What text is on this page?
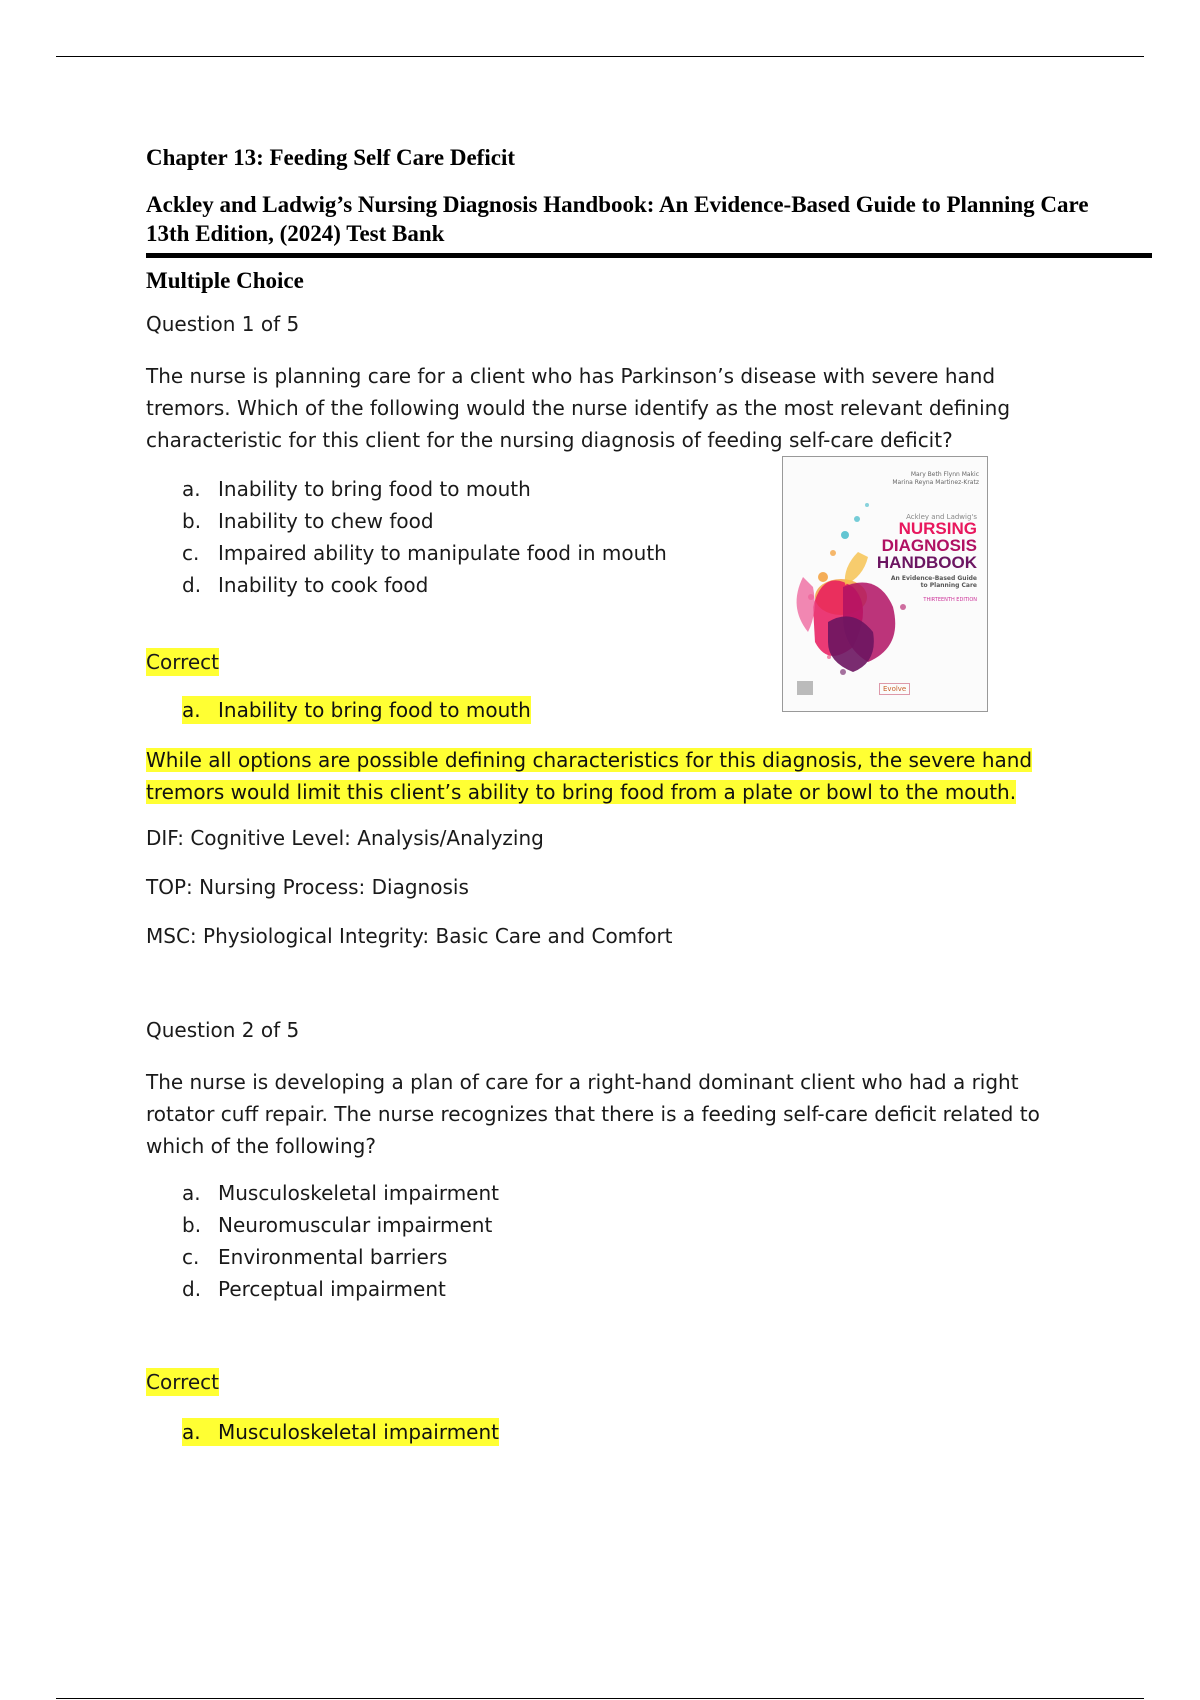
Chapter 13: Feeding Self Care Deficit
Ackley and Ladwig’s Nursing Diagnosis Handbook: An Evidence-Based Guide to Planning Care 13th Edition, (2024) Test Bank
Multiple Choice
Question 1 of 5
The nurse is planning care for a client who has Parkinson’s disease with severe hand tremors. Which of the following would the nurse identify as the most relevant defining characteristic for this client for the nursing diagnosis of feeding self-care deficit?
a. Inability to bring food to mouth
b. Inability to chew food
c. Impaired ability to manipulate food in mouth
d. Inability to cook food
Correct
a. Inability to bring food to mouth
While all options are possible defining characteristics for this diagnosis, the severe hand tremors would limit this client’s ability to bring food from a plate or bowl to the mouth.
DIF: Cognitive Level: Analysis/Analyzing
TOP: Nursing Process: Diagnosis
MSC: Physiological Integrity: Basic Care and Comfort
Mary Beth Flynn Makic
Marina Reyna Martinez-Kratz
Ackley and Ladwig's
NURSING
DIAGNOSIS
HANDBOOK
An Evidence-Based Guide
to Planning Care
THIRTEENTH EDITION
Evolve
Question 2 of 5
The nurse is developing a plan of care for a right-hand dominant client who had a right rotator cuff repair. The nurse recognizes that there is a feeding self-care deficit related to which of the following?
a. Musculoskeletal impairment
b. Neuromuscular impairment
c. Environmental barriers
d. Perceptual impairment
Correct
a. Musculoskeletal impairment
